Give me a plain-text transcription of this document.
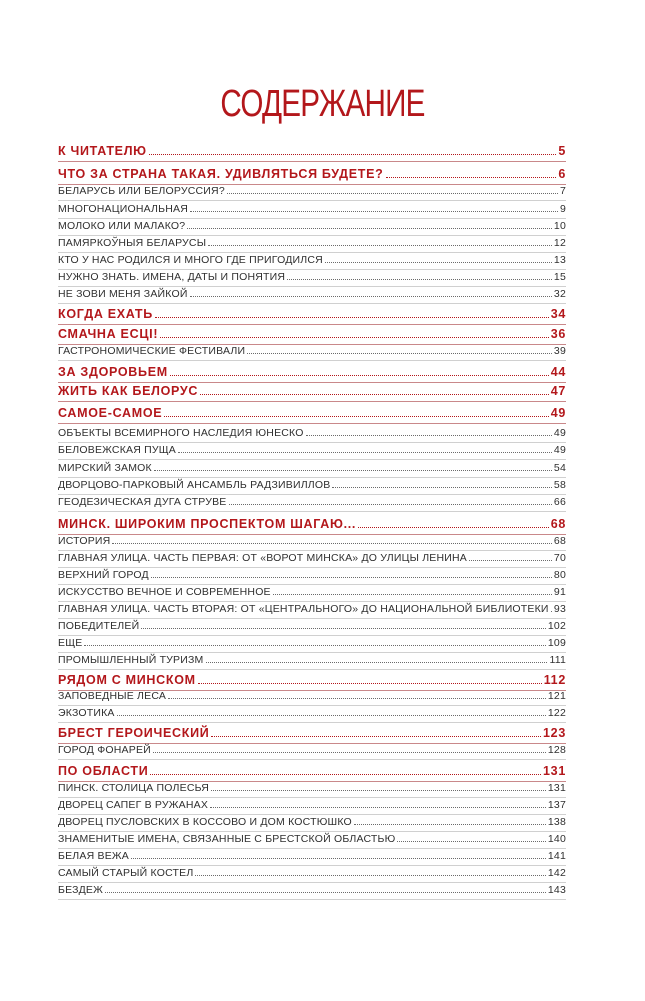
СОДЕРЖАНИЕ
К ЧИТАТЕЛЮ	5
ЧТО ЗА СТРАНА ТАКАЯ. УДИВЛЯТЬСЯ БУДЕТЕ?	6
БЕЛАРУСЬ ИЛИ БЕЛОРУССИЯ?	7
МНОГОНАЦИОНАЛЬНАЯ	9
МОЛОКО ИЛИ МАЛАКО?	10
ПАМЯРКОЎНЫЯ БЕЛАРУСЫ	12
КТО У НАС РОДИЛСЯ И МНОГО ГДЕ ПРИГОДИЛСЯ	13
НУЖНО ЗНАТЬ. ИМЕНА, ДАТЫ И ПОНЯТИЯ	15
НЕ ЗОВИ МЕНЯ ЗАЙКОЙ	32
КОГДА ЕХАТЬ	34
СМАЧНА ЕСЦІ!	36
ГАСТРОНОМИЧЕСКИЕ ФЕСТИВАЛИ	39
ЗА ЗДОРОВЬЕМ	44
ЖИТЬ КАК БЕЛОРУС	47
САМОЕ-САМОЕ	49
ОБЪЕКТЫ ВСЕМИРНОГО НАСЛЕДИЯ ЮНЕСКО	49
БЕЛОВЕЖСКАЯ ПУЩА	49
МИРСКИЙ ЗАМОК	54
ДВОРЦОВО-ПАРКОВЫЙ АНСАМБЛЬ РАДЗИВИЛЛОВ	58
ГЕОДЕЗИЧЕСКАЯ ДУГА СТРУВЕ	66
МИНСК. ШИРОКИМ ПРОСПЕКТОМ ШАГАЮ...	68
ИСТОРИЯ	68
ГЛАВНАЯ УЛИЦА. ЧАСТЬ ПЕРВАЯ: ОТ «ВОРОТ МИНСКА» ДО УЛИЦЫ ЛЕНИНА	70
ВЕРХНИЙ ГОРОД	80
ИСКУССТВО ВЕЧНОЕ И СОВРЕМЕННОЕ	91
ГЛАВНАЯ УЛИЦА. ЧАСТЬ ВТОРАЯ: ОТ «ЦЕНТРАЛЬНОГО» ДО НАЦИОНАЛЬНОЙ БИБЛИОТЕКИ 93
ПОБЕДИТЕЛЕЙ	102
ЕЩЕ	109
ПРОМЫШЛЕННЫЙ ТУРИЗМ	111
РЯДОМ С МИНСКОМ	112
ЗАПОВЕДНЫЕ ЛЕСА	121
ЭКЗОТИКА	122
БРЕСТ ГЕРОИЧЕСКИЙ	123
ГОРОД ФОНАРЕЙ	128
ПО ОБЛАСТИ	131
ПИНСК. СТОЛИЦА ПОЛЕСЬЯ	131
ДВОРЕЦ САПЕГ В РУЖАНАХ	137
ДВОРЕЦ ПУСЛОВСКИХ В КОССОВО И ДОМ КОСТЮШКО	138
ЗНАМЕНИТЫЕ ИМЕНА, СВЯЗАННЫЕ С БРЕСТСКОЙ ОБЛАСТЬЮ	140
БЕЛАЯ ВЕЖА	141
САМЫЙ СТАРЫЙ КОСТЕЛ	142
БЕЗДЕЖ	143
